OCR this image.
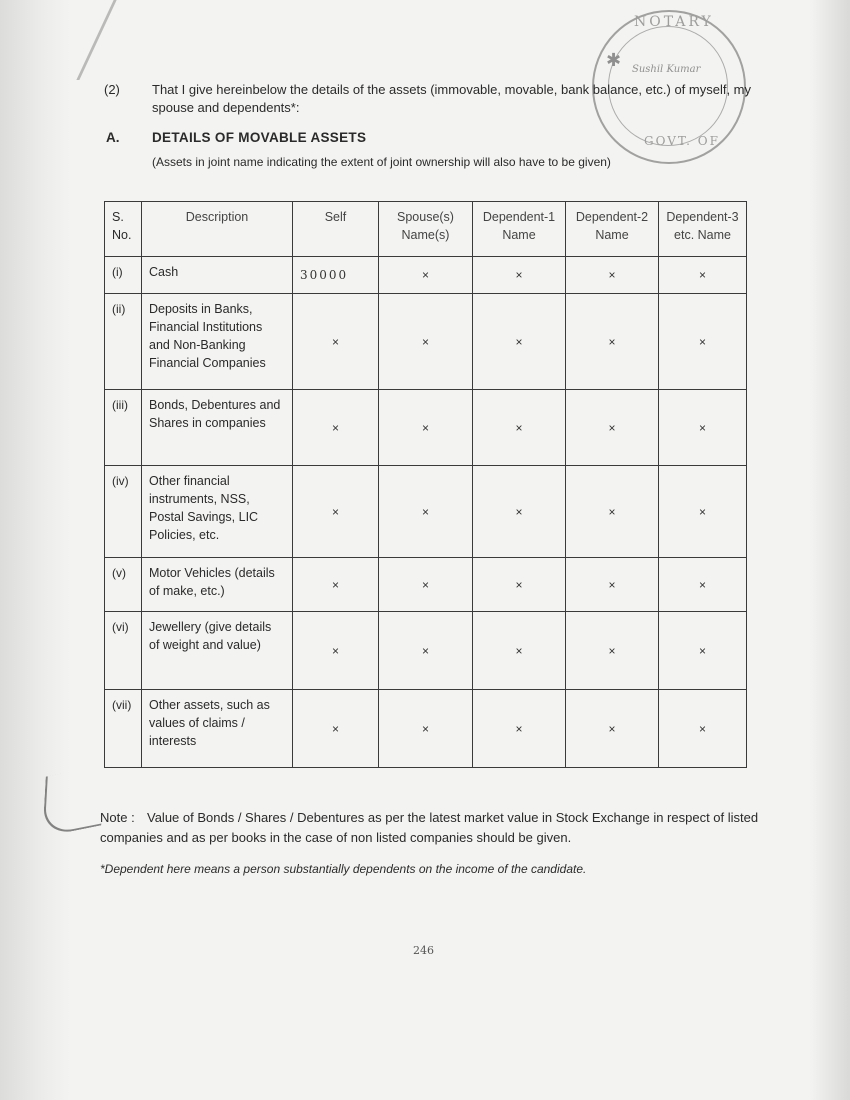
NOTARY
✱ Sushil Kumar
GOVT. OF
(2) That I give hereinbelow the details of the assets (immovable, movable, bank balance, etc.) of myself, my spouse and dependents*:
A. DETAILS OF MOVABLE ASSETS
(Assets in joint name indicating the extent of joint ownership will also have to be given)
S. No.	Description	Self	Spouse(s) Name(s)	Dependent-1 Name	Dependent-2 Name	Dependent-3 etc. Name
(i)	Cash	30000	×	×	×	×
(ii)	Deposits in Banks, Financial Institutions and Non-Banking Financial Companies	×	×	×	×	×
(iii)	Bonds, Debentures and Shares in companies	×	×	×	×	×
(iv)	Other financial instruments, NSS, Postal Savings, LIC Policies, etc.	×	×	×	×	×
(v)	Motor Vehicles (details of make, etc.)	×	×	×	×	×
(vi)	Jewellery (give details of weight and value)	×	×	×	×	×
(vii)	Other assets, such as values of claims / interests	×	×	×	×	×
Note : Value of Bonds / Shares / Debentures as per the latest market value in Stock Exchange in respect of listed companies and as per books in the case of non listed companies should be given.
*Dependent here means a person substantially dependents on the income of the candidate.
246
